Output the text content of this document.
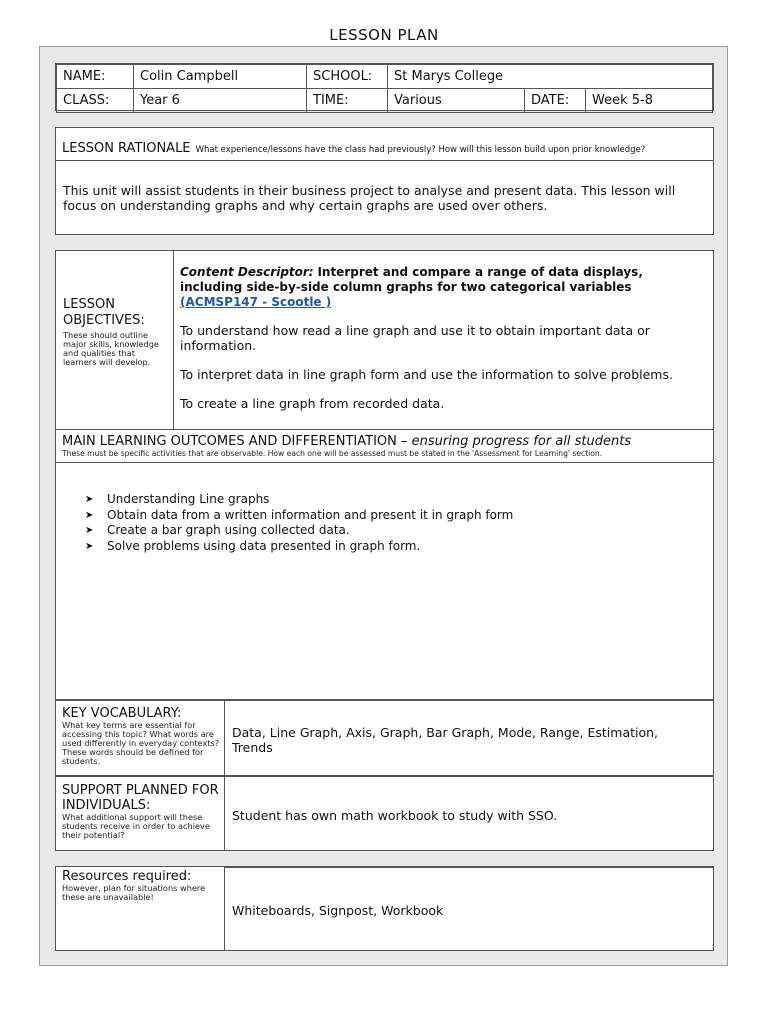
LESSON PLAN
NAME:	Colin Campbell	SCHOOL:	St Marys College		
CLASS:	Year 6	TIME:	Various	DATE:	Week 5-8
LESSON RATIONALE What experience/lessons have the class had previously? How will this lesson build upon prior knowledge?
This unit will assist students in their business project to analyse and present data. This lesson will focus on understanding graphs and why certain graphs are used over others.
LESSON OBJECTIVES:
These should outline major skills, knowledge and qualities that learners will develop.
Content Descriptor: Interpret and compare a range of data displays, including side-by-side column graphs for two categorical variables (ACMSP147 - Scootle )
To understand how read a line graph and use it to obtain important data or information.
To interpret data in line graph form and use the information to solve problems.
To create a line graph from recorded data.
MAIN LEARNING OUTCOMES AND DIFFERENTIATION – ensuring progress for all students
These must be specific activities that are observable. How each one will be assessed must be stated in the 'Assessment for Learning' section.
➤ Understanding Line graphs
➤ Obtain data from a written information and present it in graph form
➤ Create a bar graph using collected data.
➤ Solve problems using data presented in graph form.
KEY VOCABULARY:
What key terms are essential for accessing this topic? What words are used differently in everyday contexts? These words should be defined for students.
Data, Line Graph, Axis, Graph, Bar Graph, Mode, Range, Estimation, Trends
SUPPORT PLANNED FOR INDIVIDUALS:
What additional support will these students receive in order to achieve their potential?
Student has own math workbook to study with SSO.
Resources required:
However, plan for situations where these are unavailable!
Whiteboards, Signpost, Workbook
